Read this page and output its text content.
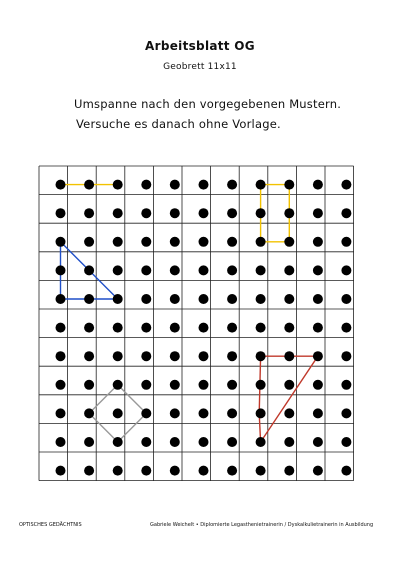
Arbeitsblatt OG
Geobrett 11x11
Umspanne nach den vorgegebenen Mustern.
Versuche es danach ohne Vorlage.
OPTISCHES GEDÄCHTNIS	Gabriele Weichelt • Diplomierte Legasthenietrainerin / Dyskalkulietrainerin in Ausbildung
